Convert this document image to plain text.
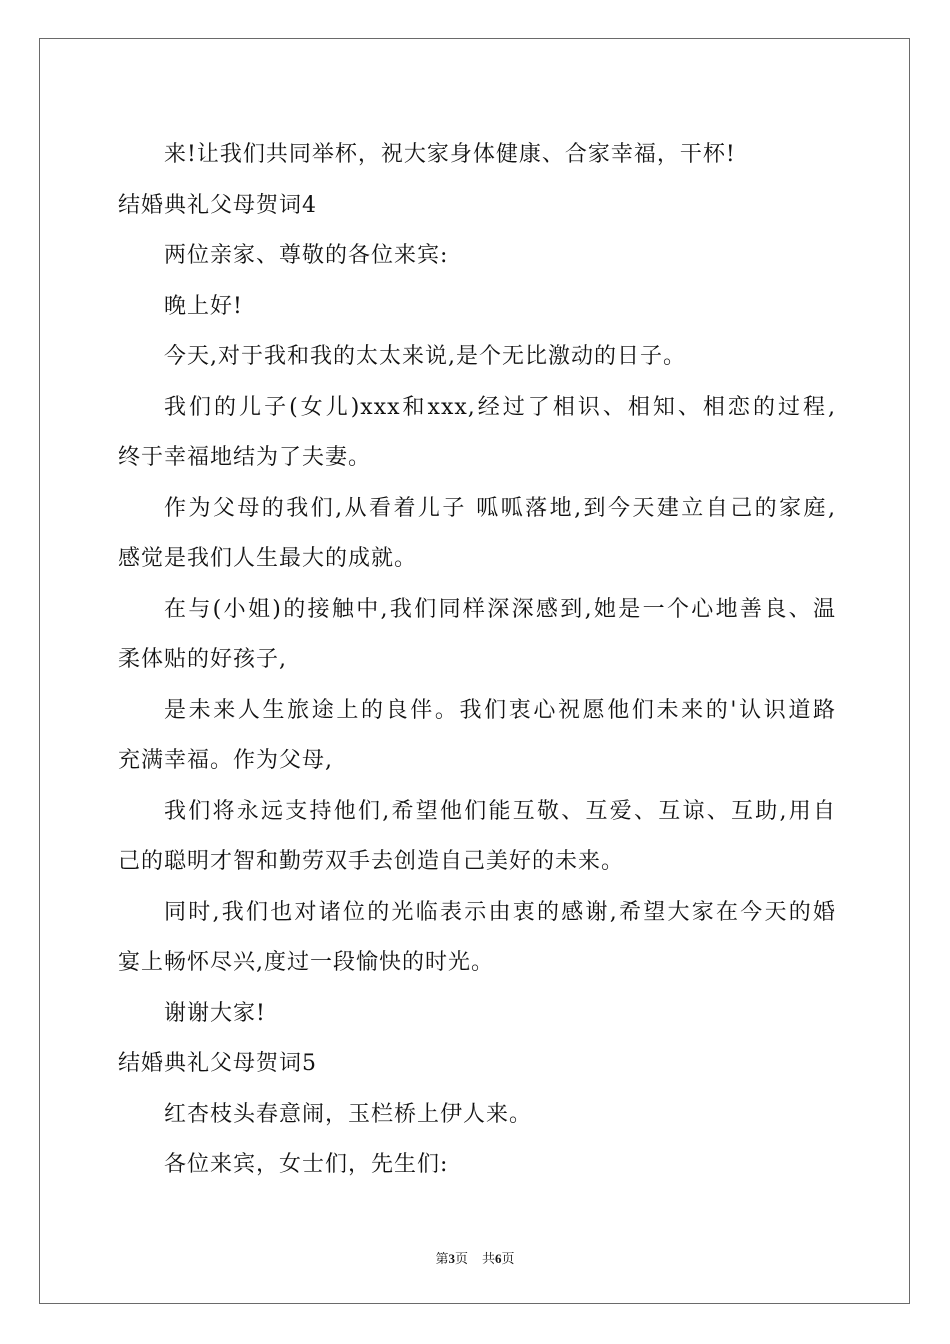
来!让我们共同举杯，祝大家身体健康、合家幸福，干杯!
结婚典礼父母贺词4
两位亲家、尊敬的各位来宾:
晚上好!
今天,对于我和我的太太来说,是个无比激动的日子。
我们的儿子(女儿)xxx和xxx,经过了相识、相知、相恋的过程,
终于幸福地结为了夫妻。
作为父母的我们,从看着儿子 呱呱落地,到今天建立自己的家庭,
感觉是我们人生最大的成就。
在与(小姐)的接触中,我们同样深深感到,她是一个心地善良、温
柔体贴的好孩子,
是未来人生旅途上的良伴。我们衷心祝愿他们未来的'认识道路
充满幸福。作为父母,
我们将永远支持他们,希望他们能互敬、互爱、互谅、互助,用自
己的聪明才智和勤劳双手去创造自己美好的未来。
同时,我们也对诸位的光临表示由衷的感谢,希望大家在今天的婚
宴上畅怀尽兴,度过一段愉快的时光。
谢谢大家!
结婚典礼父母贺词5
红杏枝头春意闹，玉栏桥上伊人来。
各位来宾，女士们，先生们:
第3页 共6页
